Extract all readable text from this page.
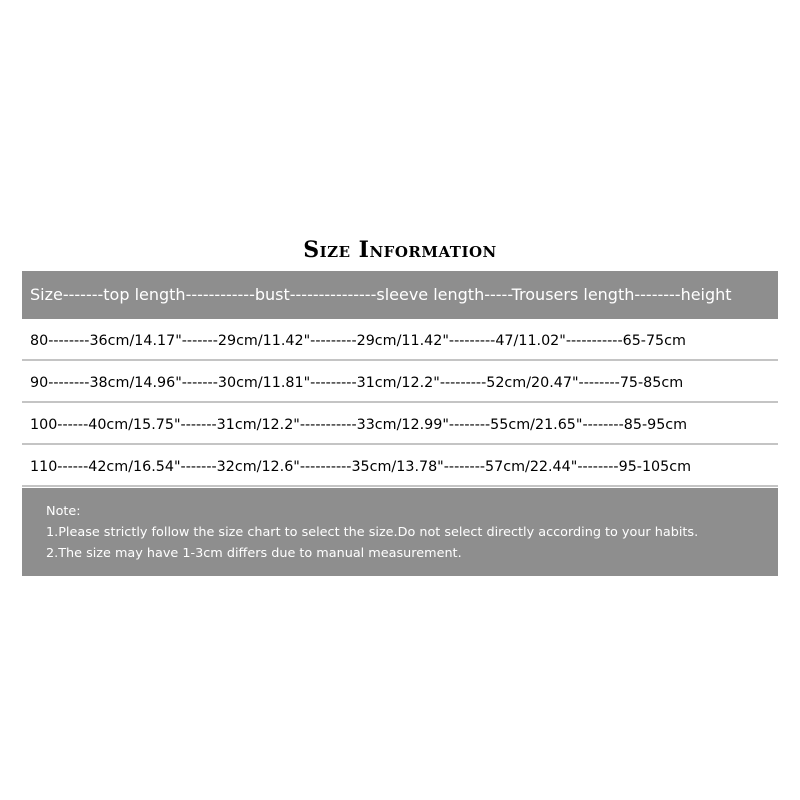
Size Information
Size-------top length------------bust---------------sleeve length-----Trousers length--------height
80--------36cm/14.17"-------29cm/11.42"---------29cm/11.42"---------47/11.02"-----------65-75cm
90--------38cm/14.96"-------30cm/11.81"---------31cm/12.2"---------52cm/20.47"--------75-85cm
100------40cm/15.75"-------31cm/12.2"-----------33cm/12.99"--------55cm/21.65"--------85-95cm
110------42cm/16.54"-------32cm/12.6"----------35cm/13.78"--------57cm/22.44"--------95-105cm
Note:
1.Please strictly follow the size chart to select the size.Do not select directly according to your habits.
2.The size may have 1-3cm differs due to manual measurement.
